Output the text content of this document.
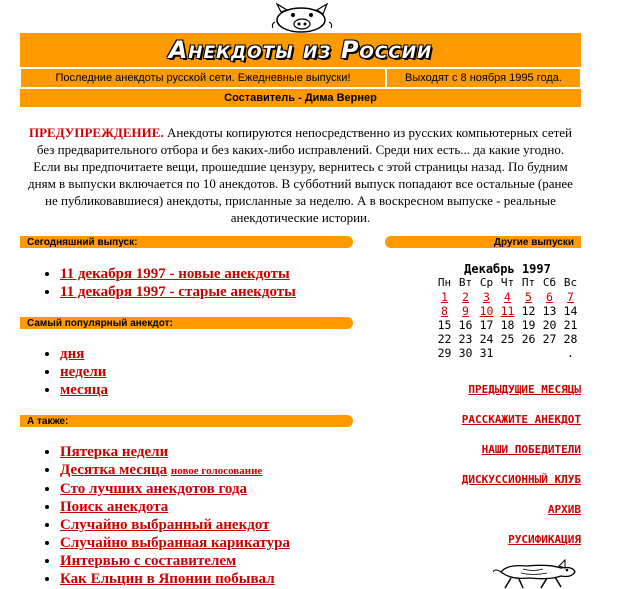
Анекдоты из России
Последние анекдоты русской сети. Ежедневные выпуски!	Выходят с 8 ноября 1995 года.
Составитель - Дима Вернер
ПРЕДУПРЕЖДЕНИЕ. Анекдоты копируются непосредственно из русских компьютерных сетей без предварительного отбора и без каких-либо исправлений. Среди них есть... да какие угодно. Если вы предпочитаете вещи, прошедшие цензуру, вернитесь с этой страницы назад. По будним дням в выпуски включается по 10 анекдотов. В субботний выпуск попадают все остальные (ранее не публиковавшиеся) анекдоты, присланные за неделю. А в воскресном выпуске - реальные анекдотические истории.
Сегодняшний выпуск:
• 11 декабря 1997 - новые анекдоты
• 11 декабря 1997 - старые анекдоты
Самый популярный анекдот:
• дня
• недели
• месяца
А также:
• Пятерка недели
• Десятка месяца новое голосование
• Сто лучших анекдотов года
• Поиск анекдота
• Случайно выбранный анекдот
• Случайно выбранная карикатура
• Интервью с составителем
• Как Ельцин в Японии побывал
Другие выпуски
Декабрь 1997
Пн	Вт	Ср	Чт	Пт	Сб	Вс
1	2	3	4	5	6	7
8	9	10	11	12	13	14
15	16	17	18	19	20	21
22	23	24	25	26	27	28
29	30	31				.
ПРЕДЫДУЩИЕ МЕСЯЦЫ
РАССКАЖИТЕ АНЕКДОТ
НАШИ ПОБЕДИТЕЛИ
ДИСКУССИОННЫЙ КЛУБ
АРХИВ
РУСИФИКАЦИЯ
